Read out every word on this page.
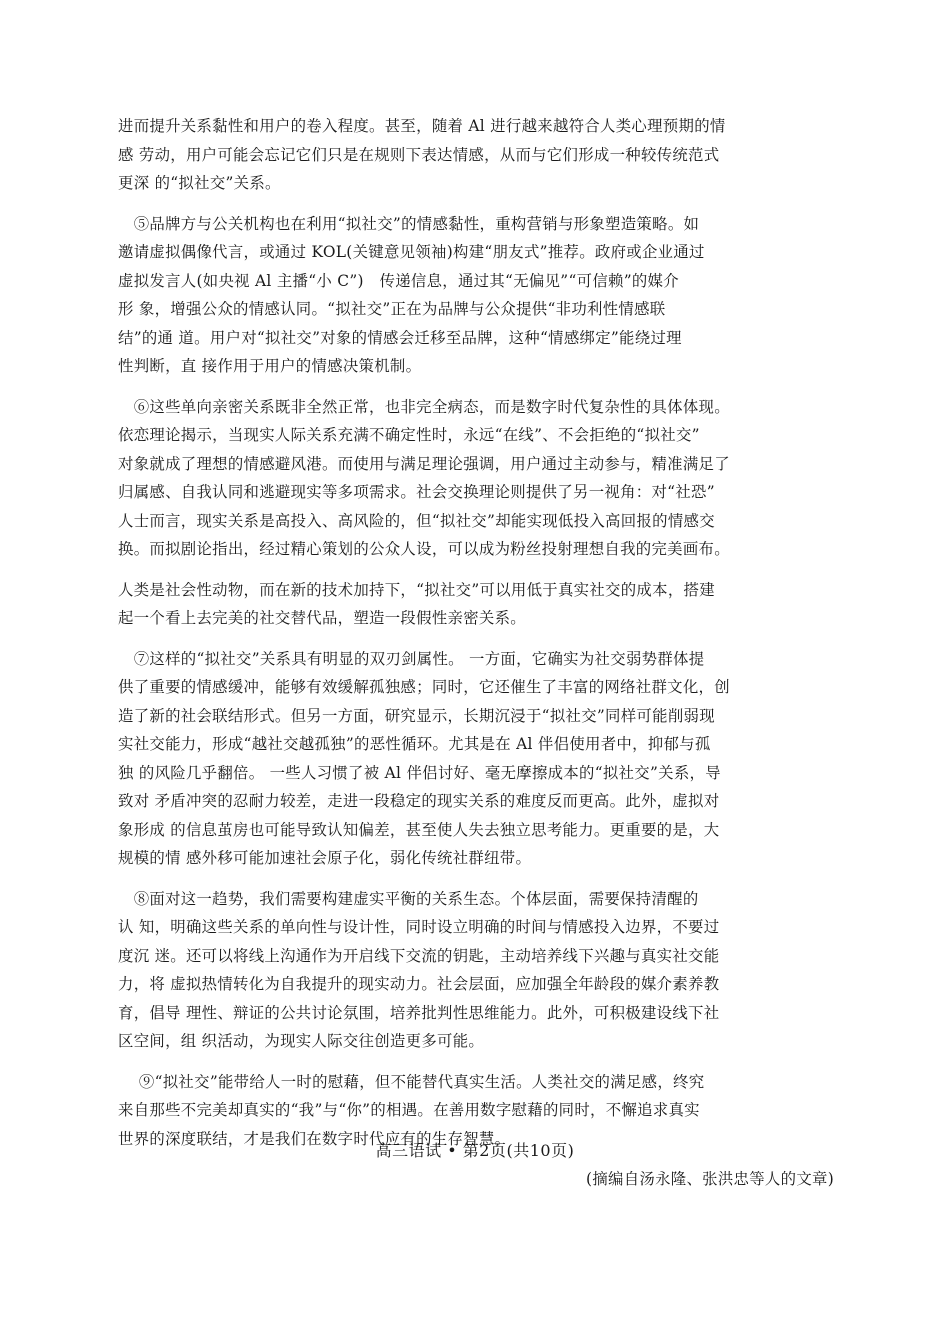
进而提升关系黏性和用户的卷入程度。甚至，随着 Al 进行越来越符合人类心理预期的情
感 劳动，用户可能会忘记它们只是在规则下表达情感，从而与它们形成一种较传统范式
更深 的“拟社交”关系。
　⑤品牌方与公关机构也在利用“拟社交”的情感黏性，重构营销与形象塑造策略。如
邀请虚拟偶像代言，或通过 KOL(关键意见领袖)构建“朋友式”推荐。政府或企业通过
虚拟发言人(如央视 Al 主播“小 C”)　传递信息，通过其“无偏见”“可信赖”的媒介
形 象，增强公众的情感认同。“拟社交”正在为品牌与公众提供“非功利性情感联
结”的通 道。用户对“拟社交”对象的情感会迁移至品牌，这种“情感绑定”能绕过理
性判断，直 接作用于用户的情感决策机制。
　⑥这些单向亲密关系既非全然正常，也非完全病态，而是数字时代复杂性的具体体现。
依恋理论揭示，当现实人际关系充满不确定性时，永远“在线”、不会拒绝的“拟社交”
对象就成了理想的情感避风港。而使用与满足理论强调，用户通过主动参与，精准满足了
归属感、自我认同和逃避现实等多项需求。社会交换理论则提供了另一视角：对“社恐”
人士而言，现实关系是高投入、高风险的，但“拟社交”却能实现低投入高回报的情感交
换。而拟剧论指出，经过精心策划的公众人设，可以成为粉丝投射理想自我的完美画布。
人类是社会性动物，而在新的技术加持下，“拟社交”可以用低于真实社交的成本，搭建
起一个看上去完美的社交替代品，塑造一段假性亲密关系。
　⑦这样的“拟社交”关系具有明显的双刃剑属性。 一方面，它确实为社交弱势群体提
供了重要的情感缓冲，能够有效缓解孤独感；同时，它还催生了丰富的网络社群文化，创
造了新的社会联结形式。但另一方面，研究显示，长期沉浸于“拟社交”同样可能削弱现
实社交能力，形成“越社交越孤独”的恶性循环。尤其是在 Al 伴侣使用者中，抑郁与孤
独 的风险几乎翻倍。 一些人习惯了被 Al 伴侣讨好、毫无摩擦成本的“拟社交”关系，导
致对 矛盾冲突的忍耐力较差，走进一段稳定的现实关系的难度反而更高。此外，虚拟对
象形成 的信息茧房也可能导致认知偏差，甚至使人失去独立思考能力。更重要的是，大
规模的情 感外移可能加速社会原子化，弱化传统社群纽带。
　⑧面对这一趋势，我们需要构建虚实平衡的关系生态。个体层面，需要保持清醒的
认 知，明确这些关系的单向性与设计性，同时设立明确的时间与情感投入边界，不要过
度沉 迷。还可以将线上沟通作为开启线下交流的钥匙，主动培养线下兴趣与真实社交能
力，将 虚拟热情转化为自我提升的现实动力。社会层面，应加强全年龄段的媒介素养教
育，倡导 理性、辩证的公共讨论氛围，培养批判性思维能力。此外，可积极建设线下社
区空间，组 织活动，为现实人际交往创造更多可能。
　 ⑨“拟社交”能带给人一时的慰藉，但不能替代真实生活。人类社交的满足感，终究
来自那些不完美却真实的“我”与“你”的相遇。在善用数字慰藉的同时，不懈追求真实
世界的深度联结，才是我们在数字时代应有的生存智慧。
(摘编自汤永隆、张洪忠等人的文章)
高三语试 • 第2页(共10页)
